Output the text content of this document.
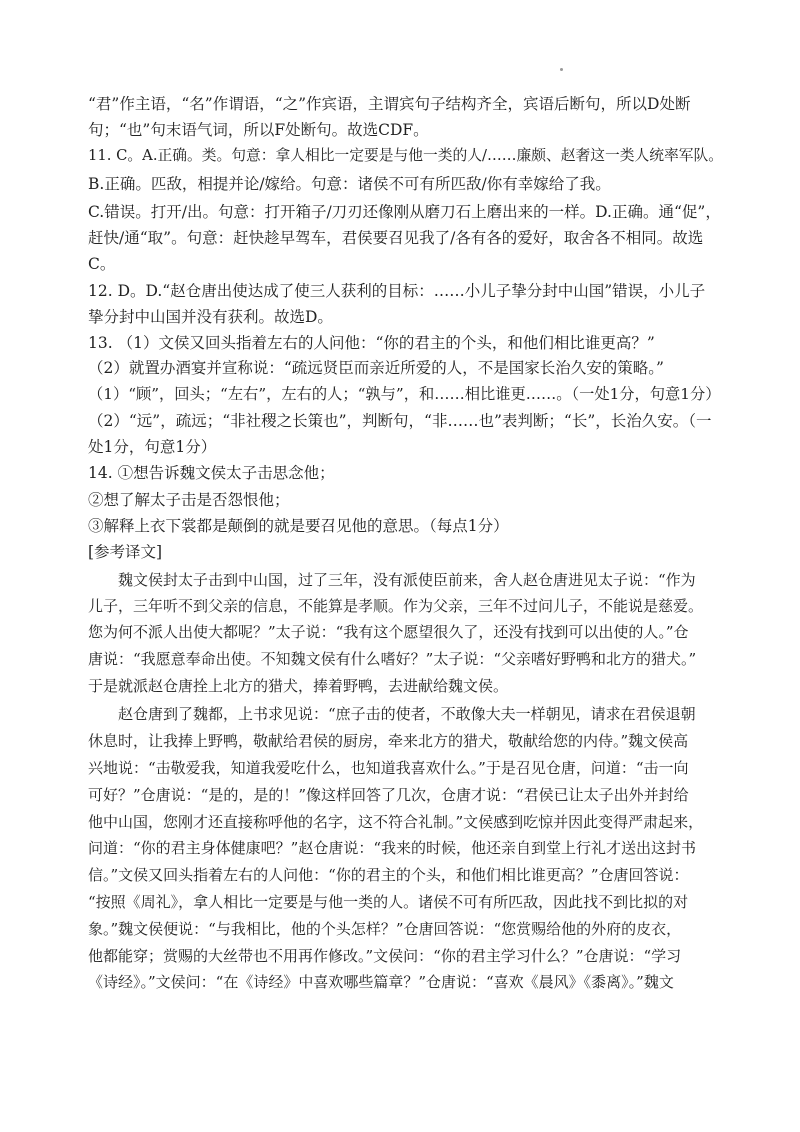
“君”作主语，“名”作谓语，“之”作宾语，主谓宾句子结构齐全，宾语后断句，所以D处断
句；“也”句末语气词，所以F处断句。故选CDF。
11. C。A.正确。类。句意：拿人相比一定要是与他一类的人/……廉颇、赵奢这一类人统率军队。
B.正确。匹敌，相提并论/嫁给。句意：诸侯不可有所匹敌/你有幸嫁给了我。
C.错误。打开/出。句意：打开箱子/刀刃还像刚从磨刀石上磨出来的一样。D.正确。通“促”，
赶快/通“取”。句意：赶快趁早驾车，君侯要召见我了/各有各的爱好，取舍各不相同。故选
C。
12. D。D.“赵仓唐出使达成了使三人获利的目标：……小儿子挚分封中山国”错误，小儿子
挚分封中山国并没有获利。故选D。
13. （1）文侯又回头指着左右的人问他：“你的君主的个头，和他们相比谁更高？”
（2）就置办酒宴并宣称说：“疏远贤臣而亲近所爱的人，不是国家长治久安的策略。”
（1）“顾”，回头；“左右”，左右的人；“孰与”，和……相比谁更……。（一处1分，句意1分）
（2）“远”，疏远；“非社稷之长策也”，判断句，“非……也”表判断；“长”，长治久安。（一
处1分，句意1分）
14. ①想告诉魏文侯太子击思念他；
②想了解太子击是否怨恨他；
③解释上衣下裳都是颠倒的就是要召见他的意思。（每点1分）
[参考译文]
魏文侯封太子击到中山国，过了三年，没有派使臣前来，舍人赵仓唐进见太子说：“作为
儿子，三年听不到父亲的信息，不能算是孝顺。作为父亲，三年不过问儿子，不能说是慈爱。
您为何不派人出使大都呢？”太子说：“我有这个愿望很久了，还没有找到可以出使的人。”仓
唐说：“我愿意奉命出使。不知魏文侯有什么嗜好？”太子说：“父亲嗜好野鸭和北方的猎犬。”
于是就派赵仓唐拴上北方的猎犬，捧着野鸭，去进献给魏文侯。
赵仓唐到了魏都，上书求见说：“庶子击的使者，不敢像大夫一样朝见，请求在君侯退朝
休息时，让我捧上野鸭，敬献给君侯的厨房，牵来北方的猎犬，敬献给您的内侍。”魏文侯高
兴地说：“击敬爱我，知道我爱吃什么，也知道我喜欢什么。”于是召见仓唐，问道：“击一向
可好？”仓唐说：“是的，是的！”像这样回答了几次，仓唐才说：“君侯已让太子出外并封给
他中山国，您刚才还直接称呼他的名字，这不符合礼制。”文侯感到吃惊并因此变得严肃起来，
问道：“你的君主身体健康吧？”赵仓唐说：“我来的时候，他还亲自到堂上行礼才送出这封书
信。”文侯又回头指着左右的人问他：“你的君主的个头，和他们相比谁更高？”仓唐回答说：
“按照《周礼》，拿人相比一定要是与他一类的人。诸侯不可有所匹敌，因此找不到比拟的对
象。”魏文侯便说：“与我相比，他的个头怎样？”仓唐回答说：“您赏赐给他的外府的皮衣，
他都能穿；赏赐的大丝带也不用再作修改。”文侯问：“你的君主学习什么？”仓唐说：“学习
《诗经》。”文侯问：“在《诗经》中喜欢哪些篇章？”仓唐说：“喜欢《晨风》《黍离》。”魏文
